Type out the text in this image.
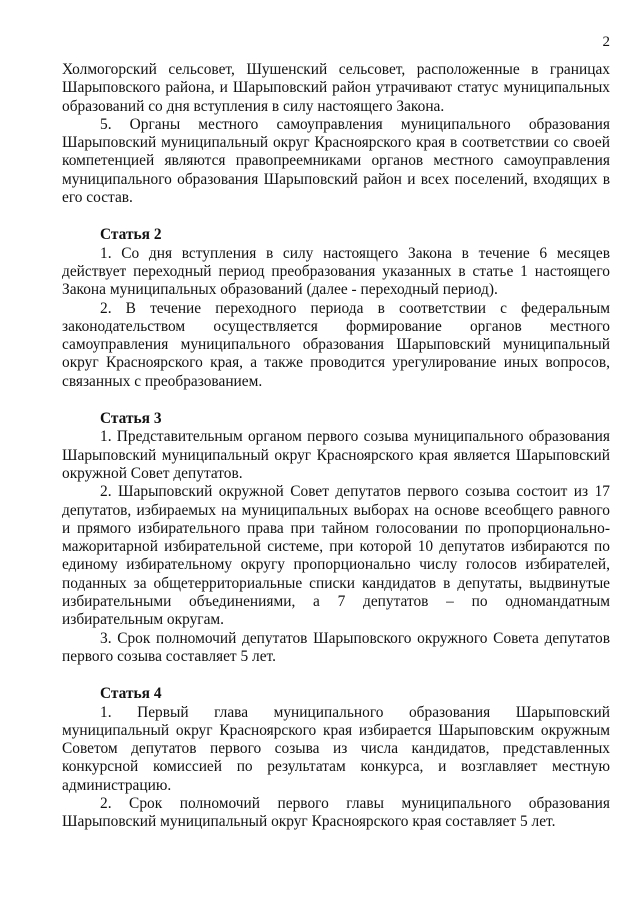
2

Холмогорский сельсовет, Шушенский сельсовет, расположенные в границах Шарыповского района, и Шарыповский район утрачивают статус муниципальных образований со дня вступления в силу настоящего Закона.

5. Органы местного самоуправления муниципального образования Шарыповский муниципальный округ Красноярского края в соответствии со своей компетенцией являются правопреемниками органов местного самоуправления муниципального образования Шарыповский район и всех поселений, входящих в его состав.

Статья 2

1. Со дня вступления в силу настоящего Закона в течение 6 месяцев действует переходный период преобразования указанных в статье 1 настоящего Закона муниципальных образований (далее - переходный период).

2. В течение переходного периода в соответствии с федеральным законодательством осуществляется формирование органов местного самоуправления муниципального образования Шарыповский муниципальный округ Красноярского края, а также проводится урегулирование иных вопросов, связанных с преобразованием.

Статья 3

1. Представительным органом первого созыва муниципального образования Шарыповский муниципальный округ Красноярского края является Шарыповский окружной Совет депутатов.

2. Шарыповский окружной Совет депутатов первого созыва состоит из 17 депутатов, избираемых на муниципальных выборах на основе всеобщего равного и прямого избирательного права при тайном голосовании по пропорционально-мажоритарной избирательной системе, при которой 10 депутатов избираются по единому избирательному округу пропорционально числу голосов избирателей, поданных за общетерриториальные списки кандидатов в депутаты, выдвинутые избирательными объединениями, а 7 депутатов – по одномандатным избирательным округам.

3. Срок полномочий депутатов Шарыповского окружного Совета депутатов первого созыва составляет 5 лет.

Статья 4

1. Первый глава муниципального образования Шарыповский муниципальный округ Красноярского края избирается Шарыповским окружным Советом депутатов первого созыва из числа кандидатов, представленных конкурсной комиссией по результатам конкурса, и возглавляет местную администрацию.

2. Срок полномочий первого главы муниципального образования Шарыповский муниципальный округ Красноярского края составляет 5 лет.
